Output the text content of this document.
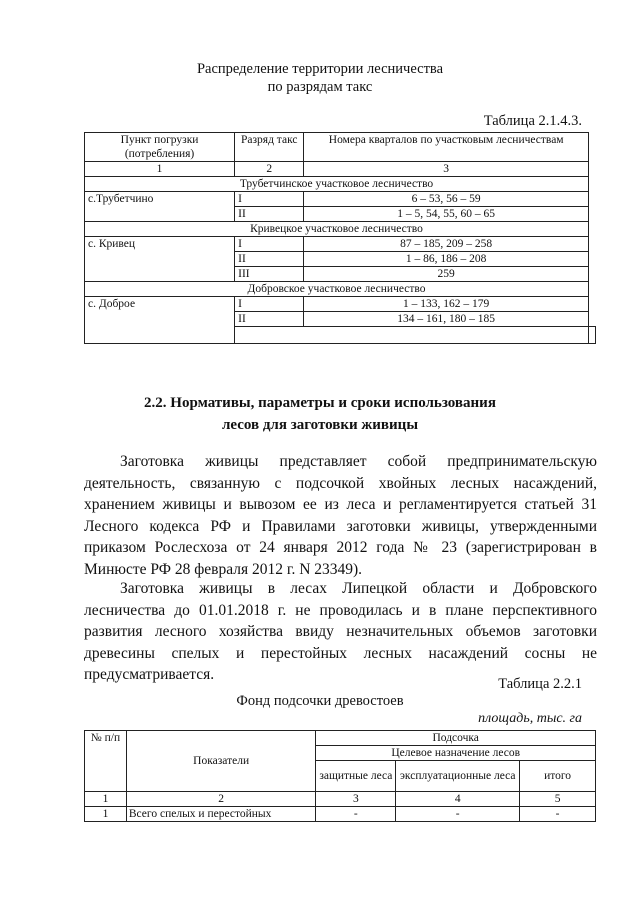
Распределение территории лесничества
по разрядам такс
Таблица 2.1.4.3.
Пункт погрузки (потребления)	Разряд такс	Номера кварталов по участковым лесничествам	
1	2	3	
Трубетчинское участковое лесничество			
с.Трубетчино	I	6 – 53, 56 – 59	
	II	1 – 5, 54, 55, 60 – 65	
Кривецкое участковое лесничество			
с. Кривец	I	87 – 185, 209 – 258	
	II	1 – 86, 186 – 208	
	III	259	
Добровское участковое лесничество			
с. Доброе	I	1 – 133, 162 – 179	
	II	134 – 161, 180 – 185	

2.2. Нормативы, параметры и сроки использования
лесов для заготовки живицы

Заготовка живицы представляет собой предпринимательскую деятельность, связанную с подсочкой хвойных лесных насаждений, хранением живицы и вывозом ее из леса и регламентируется статьей 31 Лесного кодекса РФ и Правилами заготовки живицы, утвержденными приказом Рослесхоза от 24 января 2012 года № 23 (зарегистрирован в Минюсте РФ 28 февраля 2012 г. N 23349).

Заготовка живицы в лесах Липецкой области и Добровского лесничества до 01.01.2018 г. не проводилась и в плане перспективного развития лесного хозяйства ввиду незначительных объемов заготовки древесины спелых и перестойных лесных насаждений сосны не предусматривается.

Таблица 2.2.1
Фонд подсочки древостоев
площадь, тыс. га
№ п/п	Показатели	Подсочка		
		Целевое назначение лесов		
		защитные леса	эксплуатационные леса	итого
1	2	3	4	5
1	Всего спелых и перестойных	-	-	-
